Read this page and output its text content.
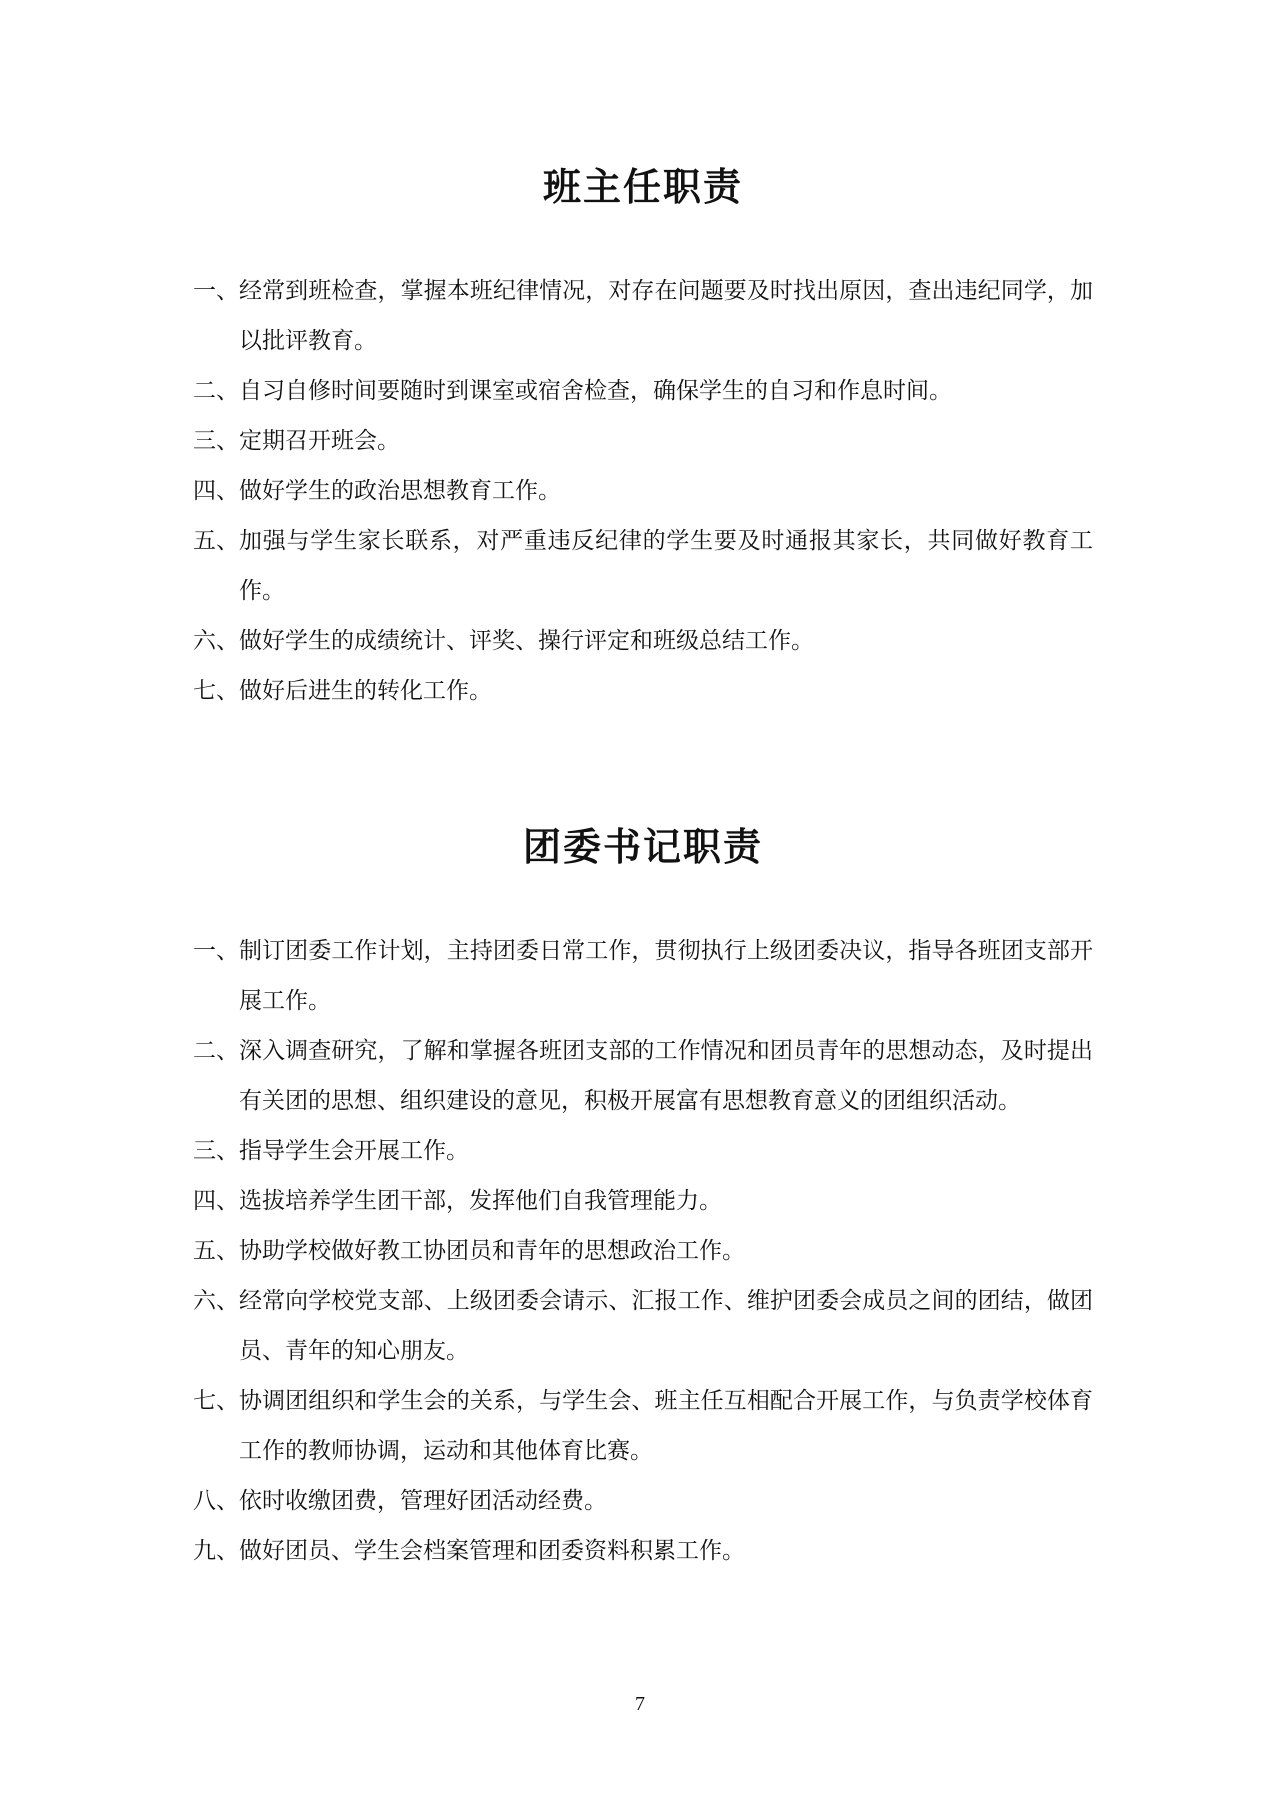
班主任职责
一、 经常到班检查，掌握本班纪律情况，对存在问题要及时找出原因，查出违纪同学，加以批评教育。
二、 自习自修时间要随时到课室或宿舍检查，确保学生的自习和作息时间。
三、 定期召开班会。
四、 做好学生的政治思想教育工作。
五、 加强与学生家长联系，对严重违反纪律的学生要及时通报其家长，共同做好教育工作。
六、 做好学生的成绩统计、评奖、操行评定和班级总结工作。
七、 做好后进生的转化工作。
团委书记职责
一、 制订团委工作计划，主持团委日常工作，贯彻执行上级团委决议，指导各班团支部开展工作。
二、 深入调查研究，了解和掌握各班团支部的工作情况和团员青年的思想动态，及时提出有关团的思想、组织建设的意见，积极开展富有思想教育意义的团组织活动。
三、 指导学生会开展工作。
四、 选拔培养学生团干部，发挥他们自我管理能力。
五、 协助学校做好教工协团员和青年的思想政治工作。
六、 经常向学校党支部、上级团委会请示、汇报工作、维护团委会成员之间的团结，做团员、青年的知心朋友。
七、 协调团组织和学生会的关系，与学生会、班主任互相配合开展工作，与负责学校体育工作的教师协调，运动和其他体育比赛。
八、 依时收缴团费，管理好团活动经费。
九、 做好团员、学生会档案管理和团委资料积累工作。
7
